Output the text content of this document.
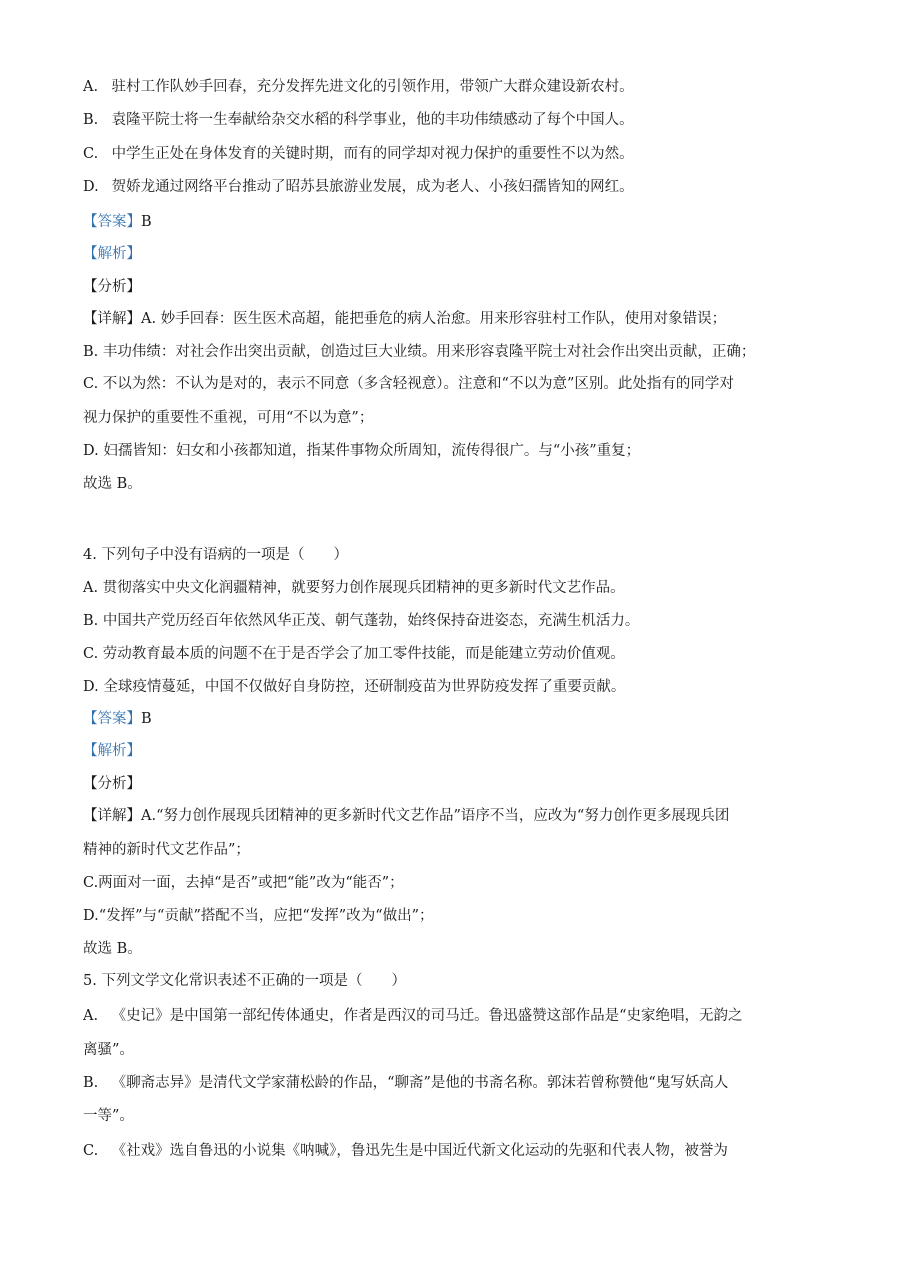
A. 驻村工作队妙手回春，充分发挥先进文化的引领作用，带领广大群众建设新农村。
B. 袁隆平院士将一生奉献给杂交水稻的科学事业，他的丰功伟绩感动了每个中国人。
C. 中学生正处在身体发育的关键时期，而有的同学却对视力保护的重要性不以为然。
D. 贺娇龙通过网络平台推动了昭苏县旅游业发展，成为老人、小孩妇孺皆知的网红。
【答案】B
【解析】
【分析】
【详解】A. 妙手回春：医生医术高超，能把垂危的病人治愈。用来形容驻村工作队，使用对象错误；
B. 丰功伟绩：对社会作出突出贡献，创造过巨大业绩。用来形容袁隆平院士对社会作出突出贡献，正确；
C. 不以为然：不认为是对的，表示不同意（多含轻视意）。注意和“不以为意”区别。此处指有的同学对
视力保护的重要性不重视，可用“不以为意”；
D. 妇孺皆知：妇女和小孩都知道，指某件事物众所周知，流传得很广。与“小孩”重复；
故选 B。
4. 下列句子中没有语病的一项是（　　）
A. 贯彻落实中央文化润疆精神，就要努力创作展现兵团精神的更多新时代文艺作品。
B. 中国共产党历经百年依然风华正茂、朝气蓬勃，始终保持奋进姿态，充满生机活力。
C. 劳动教育最本质的问题不在于是否学会了加工零件技能，而是能建立劳动价值观。
D. 全球疫情蔓延，中国不仅做好自身防控，还研制疫苗为世界防疫发挥了重要贡献。
【答案】B
【解析】
【分析】
【详解】A.“努力创作展现兵团精神的更多新时代文艺作品”语序不当，应改为“努力创作更多展现兵团
精神的新时代文艺作品”；
C.两面对一面，去掉“是否”或把“能”改为“能否”；
D.“发挥”与“贡献”搭配不当，应把“发挥”改为“做出”；
故选 B。
5. 下列文学文化常识表述不正确的一项是（　　）
A. 《史记》是中国第一部纪传体通史，作者是西汉的司马迁。鲁迅盛赞这部作品是“史家绝唱，无韵之
离骚”。
B. 《聊斋志异》是清代文学家蒲松龄的作品，“聊斋”是他的书斋名称。郭沫若曾称赞他“鬼写妖高人
一等”。
C. 《社戏》选自鲁迅的小说集《呐喊》，鲁迅先生是中国近代新文化运动的先驱和代表人物，被誉为
